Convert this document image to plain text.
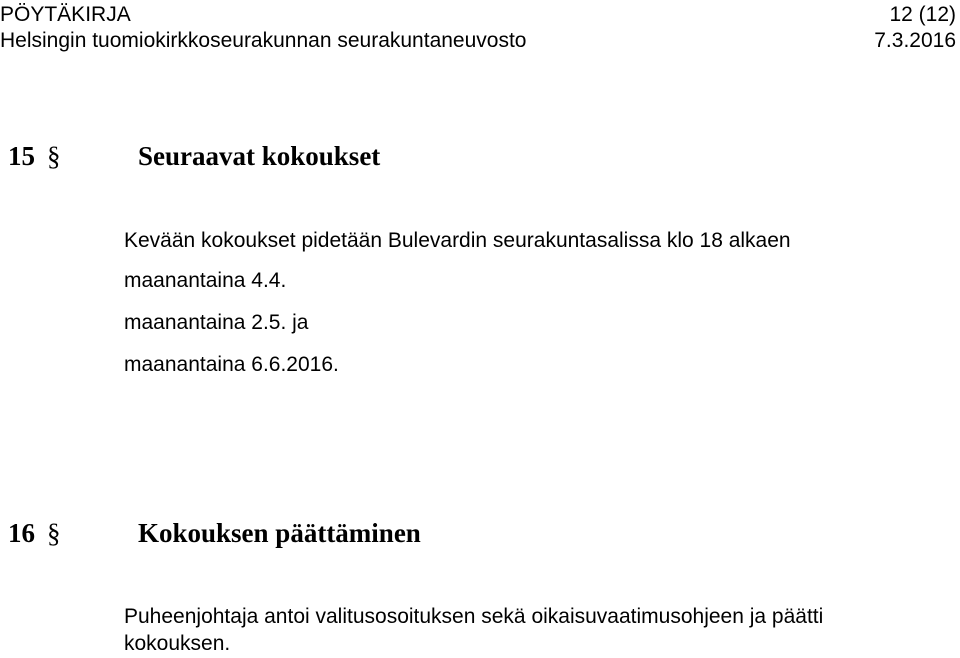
PÖYTÄKIRJA	12 (12)
Helsingin tuomiokirkkoseurakunnan seurakuntaneuvosto	7.3.2016
15 §	Seuraavat kokoukset
Kevään kokoukset pidetään Bulevardin seurakuntasalissa klo 18 alkaen
maanantaina 4.4.
maanantaina 2.5. ja
maanantaina 6.6.2016.
16 §	Kokouksen päättäminen
Puheenjohtaja antoi valitusosoituksen sekä oikaisuvaatimusohjeen ja päätti
kokouksen.
